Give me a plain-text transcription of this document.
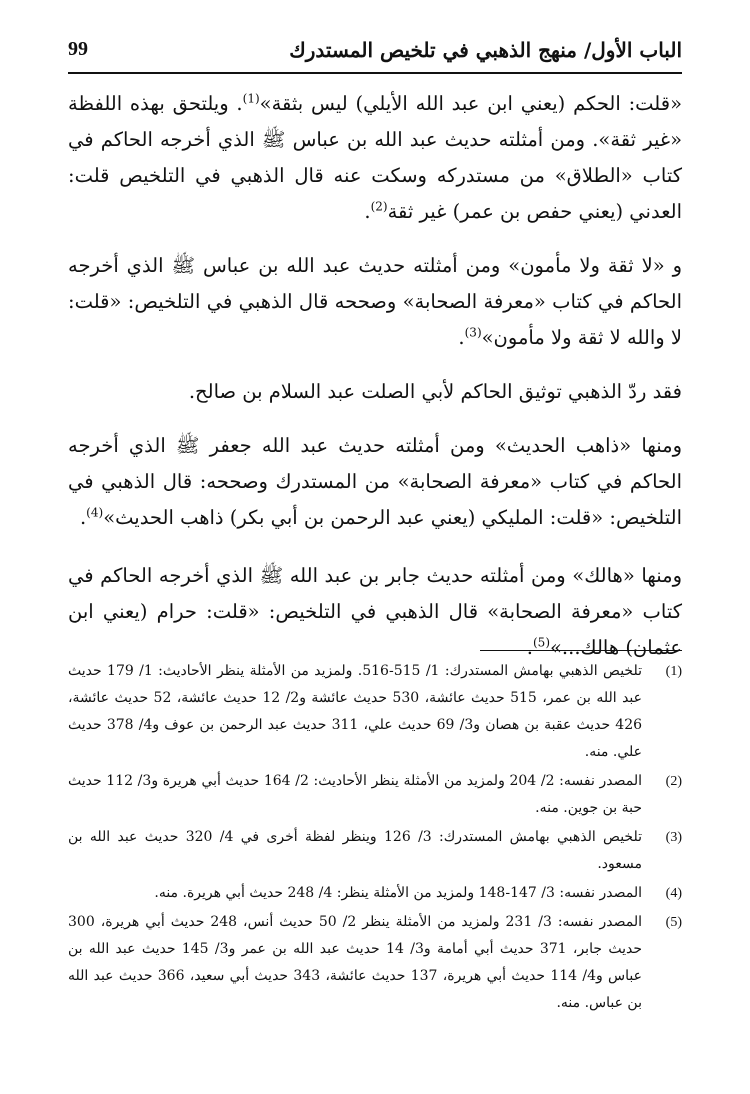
الباب الأول/ منهج الذهبي في تلخيص المستدرك
99

«قلت: الحكم (يعني ابن عبد الله الأيلي) ليس بثقة»$^{(1)}$. ويلتحق بهذه اللفظة «غير ثقة». ومن أمثلته حديث عبد الله بن عباس ﷺ الذي أخرجه الحاكم في كتاب «الطلاق» من مستدركه وسكت عنه قال الذهبي في التلخيص قلت: العدني (يعني حفص بن عمر) غير ثقة$^{(2)}$.

و «لا ثقة ولا مأمون» ومن أمثلته حديث عبد الله بن عباس ﷺ الذي أخرجه الحاكم في كتاب «معرفة الصحابة» وصححه قال الذهبي في التلخيص: «قلت: لا والله لا ثقة ولا مأمون»$^{(3)}$.

فقد ردّ الذهبي توثيق الحاكم لأبي الصلت عبد السلام بن صالح.

ومنها «ذاهب الحديث» ومن أمثلته حديث عبد الله جعفر ﷺ الذي أخرجه الحاكم في كتاب «معرفة الصحابة» من المستدرك وصححه: قال الذهبي في التلخيص: «قلت: المليكي (يعني عبد الرحمن بن أبي بكر) ذاهب الحديث»$^{(4)}$.

ومنها «هالك» ومن أمثلته حديث جابر بن عبد الله ﷺ الذي أخرجه الحاكم في كتاب «معرفة الصحابة» قال الذهبي في التلخيص: «قلت: حرام (يعني ابن عثمان) هالك...»$^{(5)}$.

(1)
تلخيص الذهبي بهامش المستدرك: 1/ 515-516. ولمزيد من الأمثلة ينظر الأحاديث: 1/ 179 حديث عبد الله بن عمر، 515 حديث عائشة، 530 حديث عائشة و2/ 12 حديث عائشة، 52 حديث عائشة، 426 حديث عقبة بن هصان و3/ 69 حديث علي، 311 حديث عبد الرحمن بن عوف و4/ 378 حديث علي. منه.
(2)
المصدر نفسه: 2/ 204 ولمزيد من الأمثلة ينظر الأحاديث: 2/ 164 حديث أبي هريرة و3/ 112 حديث حبة بن جوين. منه.
(3)
تلخيص الذهبي بهامش المستدرك: 3/ 126 وينظر لفظة أخرى في 4/ 320 حديث عبد الله بن مسعود.
(4)
المصدر نفسه: 3/ 147-148 ولمزيد من الأمثلة ينظر: 4/ 248 حديث أبي هريرة. منه.
(5)
المصدر نفسه: 3/ 231 ولمزيد من الأمثلة ينظر 2/ 50 حديث أنس، 248 حديث أبي هريرة، 300 حديث جابر، 371 حديث أبي أمامة و3/ 14 حديث عبد الله بن عمر و3/ 145 حديث عبد الله بن عباس و4/ 114 حديث أبي هريرة، 137 حديث عائشة، 343 حديث أبي سعيد، 366 حديث عبد الله بن عباس. منه.
